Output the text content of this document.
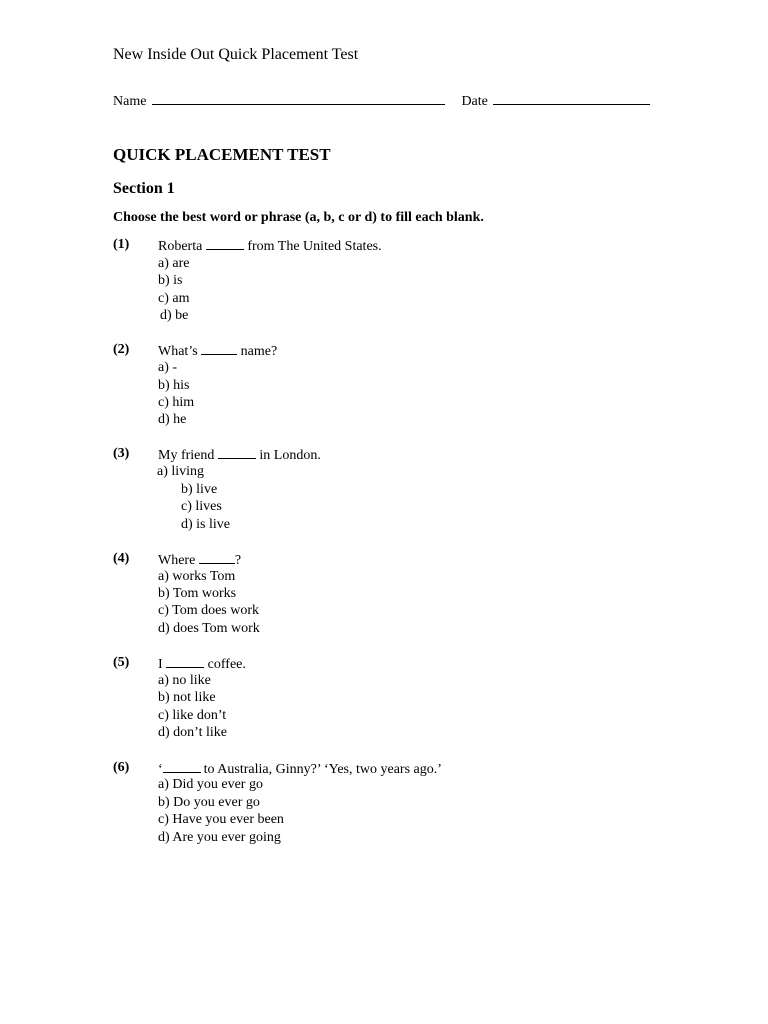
New Inside Out Quick Placement Test
Name	Date
QUICK PLACEMENT TEST
Section 1
Choose the best word or phrase (a, b, c or d) to fill each blank.
(1) Roberta	from The United States.
a) are
b) is
c) am
d) be
(2) What’s	name?
a) -
b) his
c) him
d) he
(3) My friend	in London.
a) living
b) live
c) lives
d) is live
(4) Where	?
a) works Tom
b) Tom works
c) Tom does work
d) does Tom work
(5) I	coffee.
a) no like
b) not like
c) like don’t
d) don’t like
(6) ‘	to Australia, Ginny?’ ‘Yes, two years ago.’
a) Did you ever go
b) Do you ever go
c) Have you ever been
d) Are you ever going
